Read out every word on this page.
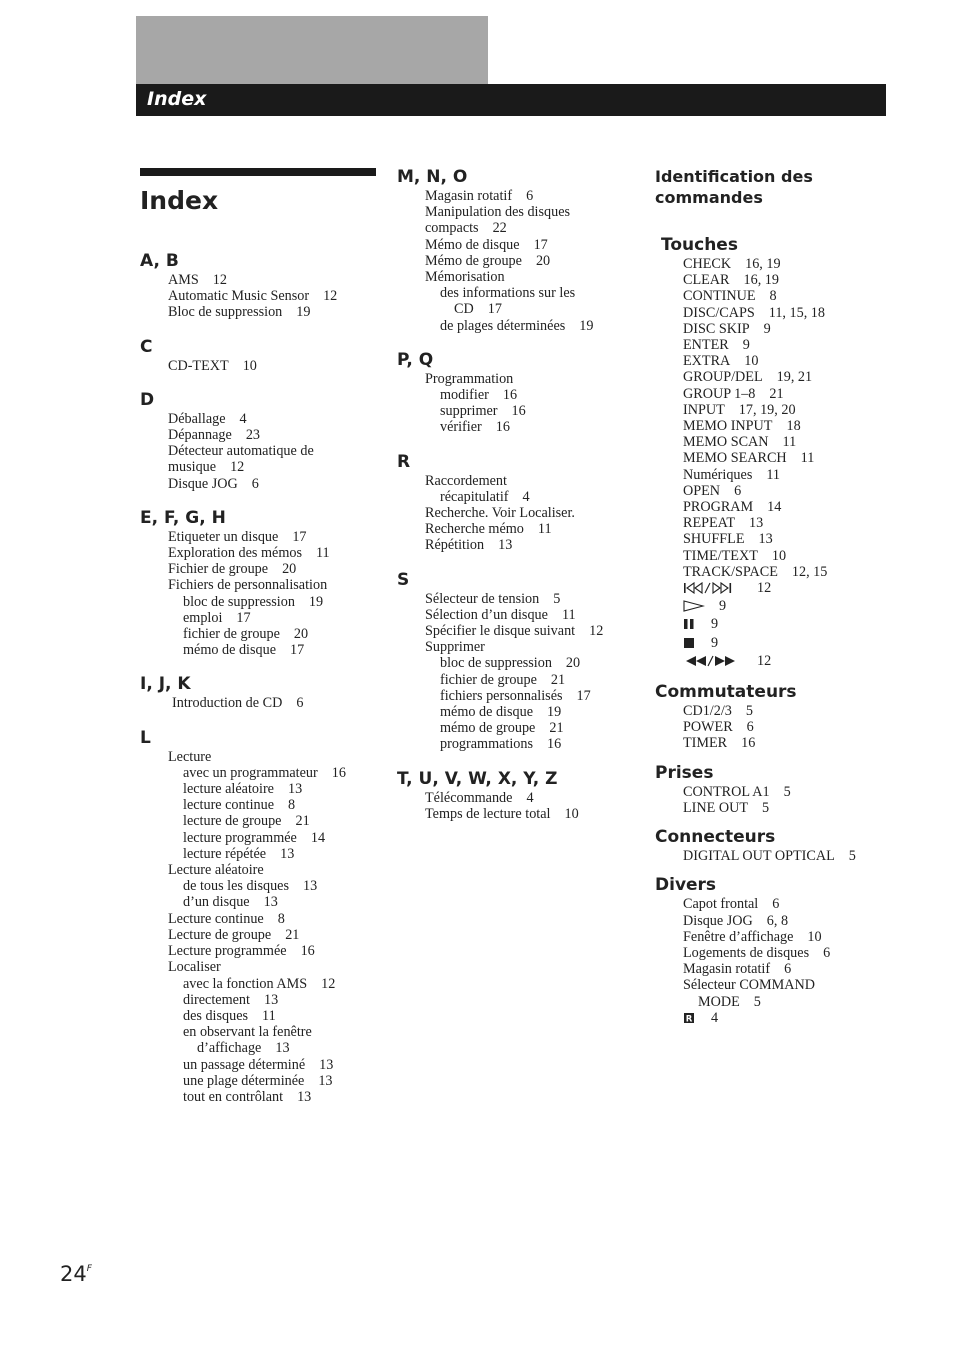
Index
Index
A, B
AMS 12
Automatic Music Sensor 12
Bloc de suppression 19
C
CD-TEXT 10
D
Déballage 4
Dépannage 23
Détecteur automatique de
musique 12
Disque JOG 6
E, F, G, H
Etiqueter un disque 17
Exploration des mémos 11
Fichier de groupe 20
Fichiers de personnalisation
bloc de suppression 19
emploi 17
fichier de groupe 20
mémo de disque 17
I, J, K
Introduction de CD 6
L
Lecture
avec un programmateur 16
lecture aléatoire 13
lecture continue 8
lecture de groupe 21
lecture programmée 14
lecture répétée 13
Lecture aléatoire
de tous les disques 13
d’un disque 13
Lecture continue 8
Lecture de groupe 21
Lecture programmée 16
Localiser
avec la fonction AMS 12
directement 13
des disques 11
en observant la fenêtre
d’affichage 13
un passage déterminé 13
une plage déterminée 13
tout en contrôlant 13
M, N, O
Magasin rotatif 6
Manipulation des disques
compacts 22
Mémo de disque 17
Mémo de groupe 20
Mémorisation
des informations sur les
CD 17
de plages déterminées 19
P, Q
Programmation
modifier 16
supprimer 16
vérifier 16
R
Raccordement
récapitulatif 4
Recherche. Voir Localiser.
Recherche mémo 11
Répétition 13
S
Sélecteur de tension 5
Sélection d’un disque 11
Spécifier le disque suivant 12
Supprimer
bloc de suppression 20
fichier de groupe 21
fichiers personnalisés 17
mémo de disque 19
mémo de groupe 21
programmations 16
T, U, V, W, X, Y, Z
Télécommande 4
Temps de lecture total 10
Identification des
commandes
Touches
CHECK 16, 19
CLEAR 16, 19
CONTINUE 8
DISC/CAPS 11, 15, 18
DISC SKIP 9
ENTER 9
EXTRA 10
GROUP/DEL 19, 21
GROUP 1–8 21
INPUT 17, 19, 20
MEMO INPUT 18
MEMO SCAN 11
MEMO SEARCH 11
Numériques 11
OPEN 6
PROGRAM 14
REPEAT 13
SHUFFLE 13
TIME/TEXT 10
TRACK/SPACE 12, 15
12
9
9
9
12
Commutateurs
CD1/2/3 5
POWER 6
TIMER 16
Prises
CONTROL A1 5
LINE OUT 5
Connecteurs
DIGITAL OUT OPTICAL 5
Divers
Capot frontal 6
Disque JOG 6, 8
Fenêtre d’affichage 10
Logements de disques 6
Magasin rotatif 6
Sélecteur COMMAND
MODE 5
R 4
$24^F$
